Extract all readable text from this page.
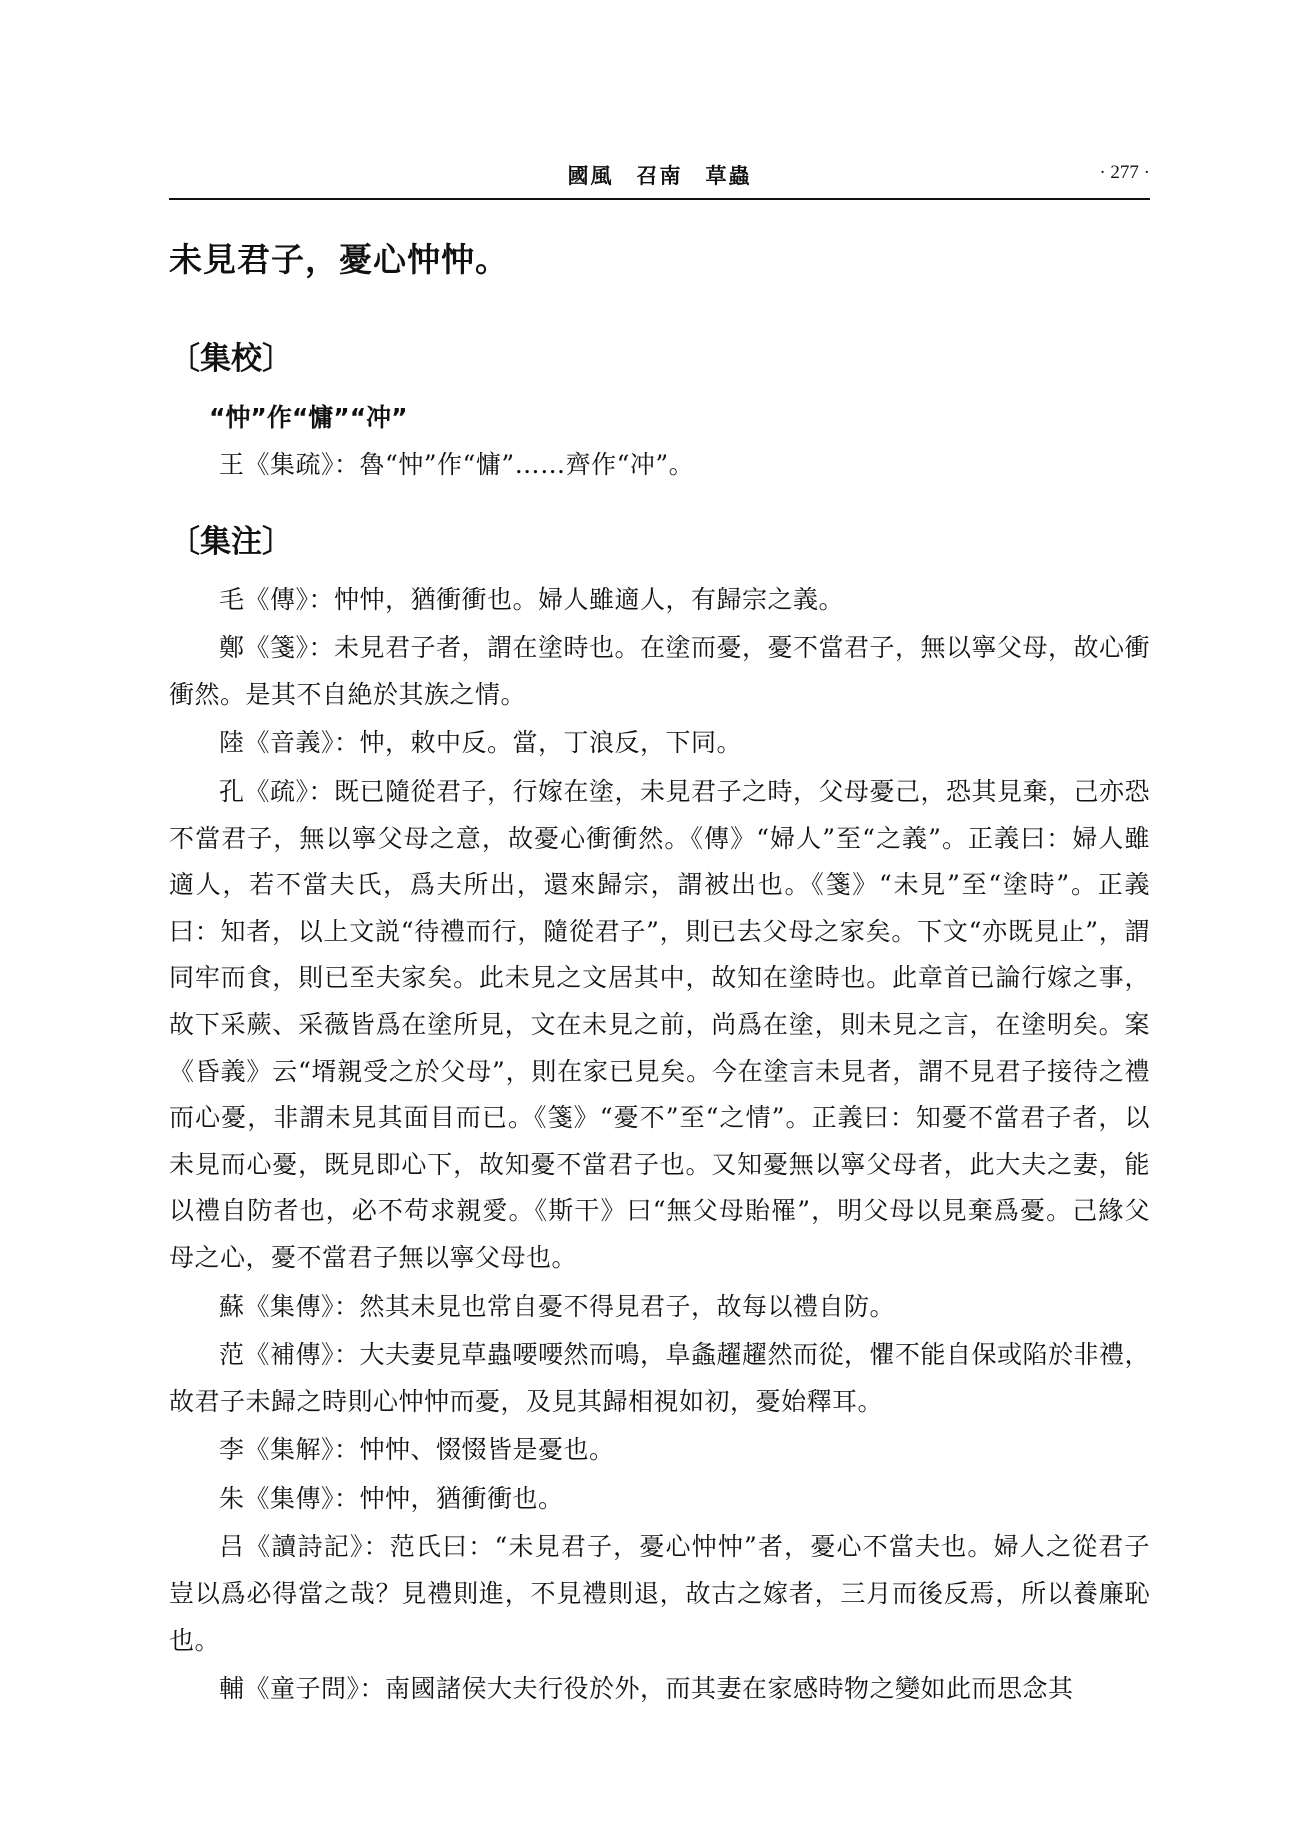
國風　召南　草蟲	· 277 ·
未見君子，憂心忡忡。
〔集校〕
“忡”作“慵”“冲”

王《集疏》：魯“忡”作“慵”……齊作“冲”。

〔集注〕

毛《傳》：忡忡，猶衝衝也。婦人雖適人，有歸宗之義。

鄭《箋》：未見君子者，謂在塗時也。在塗而憂，憂不當君子，無以寧父母，故心衝衝然。是其不自絶於其族之情。

陸《音義》：忡，敕中反。當，丁浪反，下同。

孔《疏》：既已隨從君子，行嫁在塗，未見君子之時，父母憂己，恐其見棄，己亦恐不當君子，無以寧父母之意，故憂心衝衝然。《傳》“婦人”至“之義”。正義曰：婦人雖適人，若不當夫氏，爲夫所出，還來歸宗，謂被出也。《箋》“未見”至“塗時”。正義曰：知者，以上文説“待禮而行，隨從君子”，則已去父母之家矣。下文“亦既見止”，謂同牢而食，則已至夫家矣。此未見之文居其中，故知在塗時也。此章首已論行嫁之事，故下采蕨、采薇皆爲在塗所見，文在未見之前，尚爲在塗，則未見之言，在塗明矣。案《昏義》云“壻親受之於父母”，則在家已見矣。今在塗言未見者，謂不見君子接待之禮而心憂，非謂未見其面目而已。《箋》“憂不”至“之情”。正義曰：知憂不當君子者，以未見而心憂，既見即心下，故知憂不當君子也。又知憂無以寧父母者，此大夫之妻，能以禮自防者也，必不苟求親愛。《斯干》曰“無父母貽罹”，明父母以見棄爲憂。己緣父母之心，憂不當君子無以寧父母也。

蘇《集傳》：然其未見也常自憂不得見君子，故每以禮自防。

范《補傳》：大夫妻見草蟲喓喓然而鳴，阜螽趯趯然而從，懼不能自保或陷於非禮，故君子未歸之時則心忡忡而憂，及見其歸相視如初，憂始釋耳。

李《集解》：忡忡、惙惙皆是憂也。

朱《集傳》：忡忡，猶衝衝也。

吕《讀詩記》：范氏曰：“未見君子，憂心忡忡”者，憂心不當夫也。婦人之從君子豈以爲必得當之哉？見禮則進，不見禮則退，故古之嫁者，三月而後反焉，所以養廉恥也。

輔《童子問》：南國諸侯大夫行役於外，而其妻在家感時物之變如此而思念其
